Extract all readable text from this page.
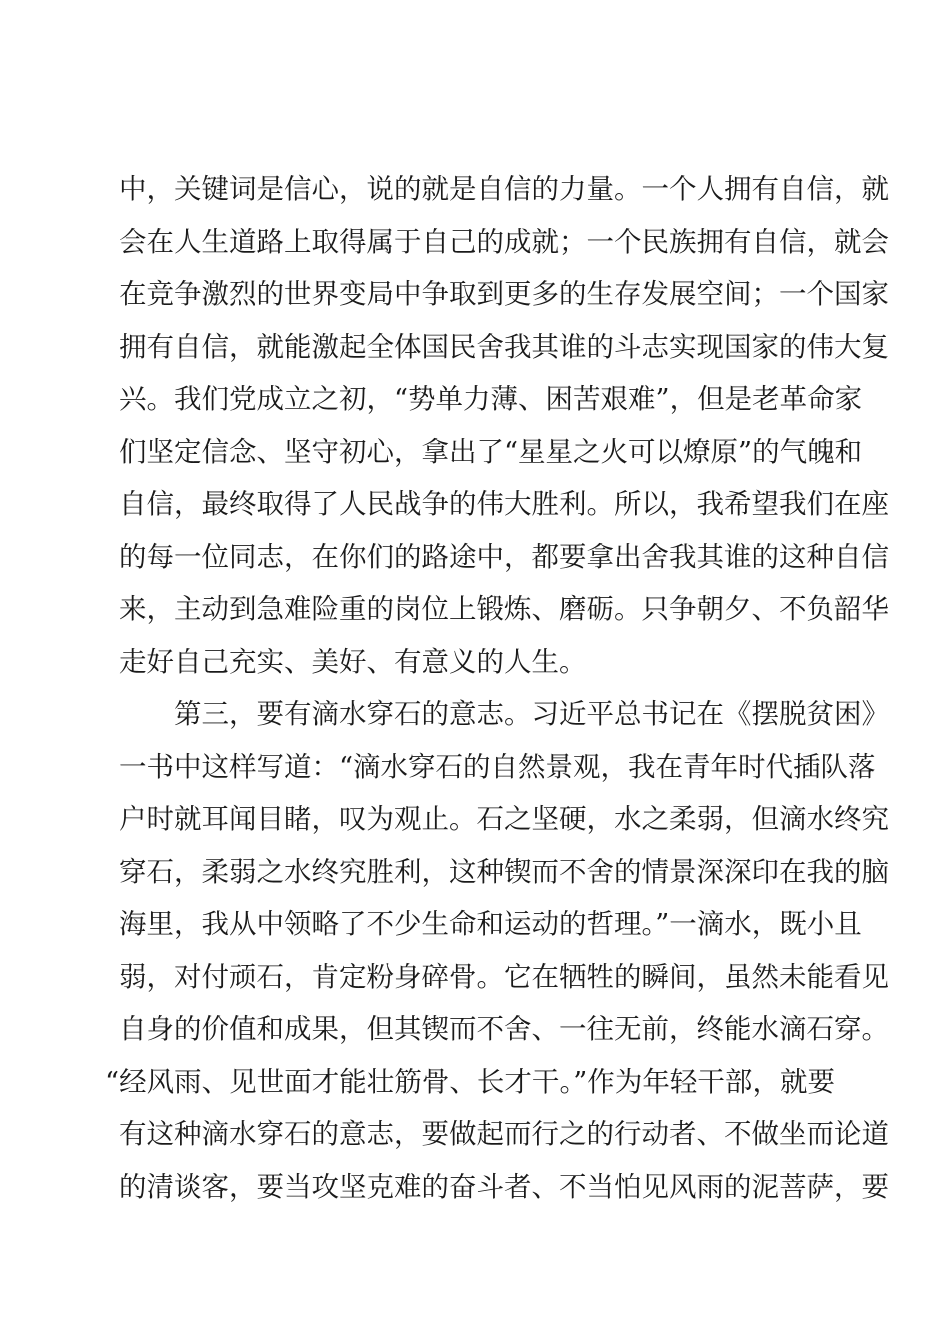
中，关键词是信心，说的就是自信的力量。一个人拥有自信，就
会在人生道路上取得属于自己的成就；一个民族拥有自信，就会
在竞争激烈的世界变局中争取到更多的生存发展空间；一个国家
拥有自信，就能激起全体国民舍我其谁的斗志实现国家的伟大复
兴。我们党成立之初，“势单力薄、困苦艰难”，但是老革命家
们坚定信念、坚守初心，拿出了“星星之火可以燎原”的气魄和
自信，最终取得了人民战争的伟大胜利。所以，我希望我们在座
的每一位同志，在你们的路途中，都要拿出舍我其谁的这种自信
来，主动到急难险重的岗位上锻炼、磨砺。只争朝夕、不负韶华
走好自己充实、美好、有意义的人生。
第三，要有滴水穿石的意志。习近平总书记在《摆脱贫困》
一书中这样写道：“滴水穿石的自然景观，我在青年时代插队落
户时就耳闻目睹，叹为观止。石之坚硬，水之柔弱，但滴水终究
穿石，柔弱之水终究胜利，这种锲而不舍的情景深深印在我的脑
海里，我从中领略了不少生命和运动的哲理。”一滴水，既小且
弱，对付顽石，肯定粉身碎骨。它在牺牲的瞬间，虽然未能看见
自身的价值和成果，但其锲而不舍、一往无前，终能水滴石穿。
“经风雨、见世面才能壮筋骨、长才干。”作为年轻干部，就要
有这种滴水穿石的意志，要做起而行之的行动者、不做坐而论道
的清谈客，要当攻坚克难的奋斗者、不当怕见风雨的泥菩萨，要
